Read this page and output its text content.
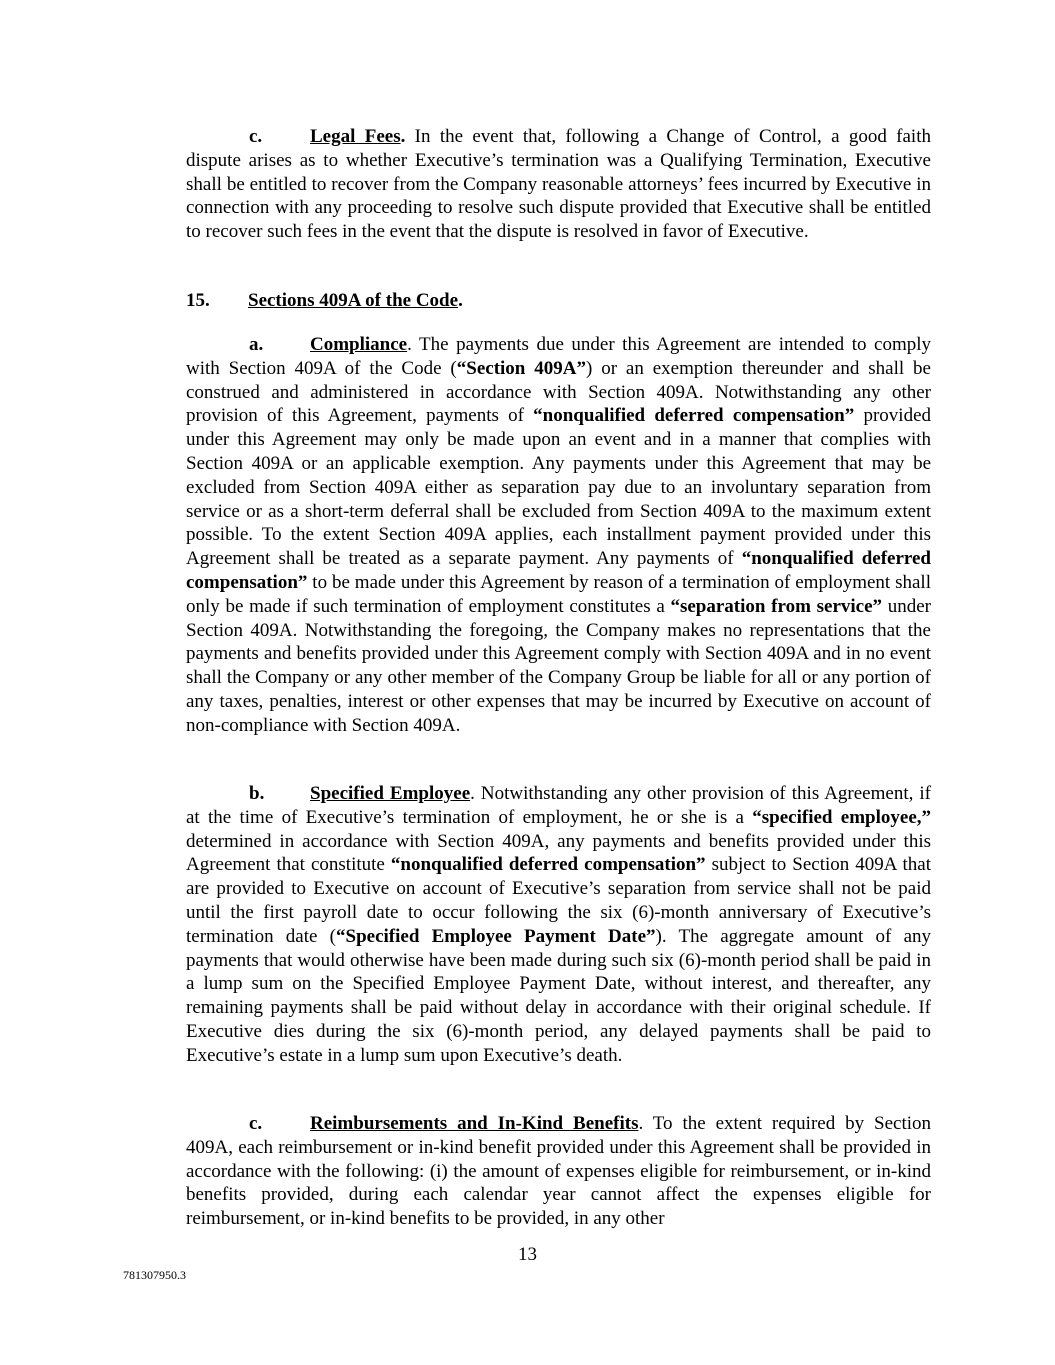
c.	Legal Fees. In the event that, following a Change of Control, a good faith dispute arises as to whether Executive’s termination was a Qualifying Termination, Executive shall be entitled to recover from the Company reasonable attorneys’ fees incurred by Executive in connection with any proceeding to resolve such dispute provided that Executive shall be entitled to recover such fees in the event that the dispute is resolved in favor of Executive.

15. Sections 409A of the Code.

a. Compliance. The payments due under this Agreement are intended to comply with Section 409A of the Code (“Section 409A”) or an exemption thereunder and shall be construed and administered in accordance with Section 409A. Notwithstanding any other provision of this Agreement, payments of “nonqualified deferred compensation” provided under this Agreement may only be made upon an event and in a manner that complies with Section 409A or an applicable exemption. Any payments under this Agreement that may be excluded from Section 409A either as separation pay due to an involuntary separation from service or as a short-term deferral shall be excluded from Section 409A to the maximum extent possible. To the extent Section 409A applies, each installment payment provided under this Agreement shall be treated as a separate payment. Any payments of “nonqualified deferred compensation” to be made under this Agreement by reason of a termination of employment shall only be made if such termination of employment constitutes a “separation from service” under Section 409A. Notwithstanding the foregoing, the Company makes no representations that the payments and benefits provided under this Agreement comply with Section 409A and in no event shall the Company or any other member of the Company Group be liable for all or any portion of any taxes, penalties, interest or other expenses that may be incurred by Executive on account of non-compliance with Section 409A.

b. Specified Employee. Notwithstanding any other provision of this Agreement, if at the time of Executive’s termination of employment, he or she is a “specified employee,” determined in accordance with Section 409A, any payments and benefits provided under this Agreement that constitute “nonqualified deferred compensation” subject to Section 409A that are provided to Executive on account of Executive’s separation from service shall not be paid until the first payroll date to occur following the six (6)-month anniversary of Executive’s termination date (“Specified Employee Payment Date”). The aggregate amount of any payments that would otherwise have been made during such six (6)-month period shall be paid in a lump sum on the Specified Employee Payment Date, without interest, and thereafter, any remaining payments shall be paid without delay in accordance with their original schedule. If Executive dies during the six (6)-month period, any delayed payments shall be paid to Executive’s estate in a lump sum upon Executive’s death.

c.	Reimbursements and In-Kind Benefits. To the extent required by Section 409A, each reimbursement or in-kind benefit provided under this Agreement shall be provided in accordance with the following: (i) the amount of expenses eligible for reimbursement, or in-kind benefits provided, during each calendar year cannot affect the expenses eligible for reimbursement, or in-kind benefits to be provided, in any other

13
781307950.3
